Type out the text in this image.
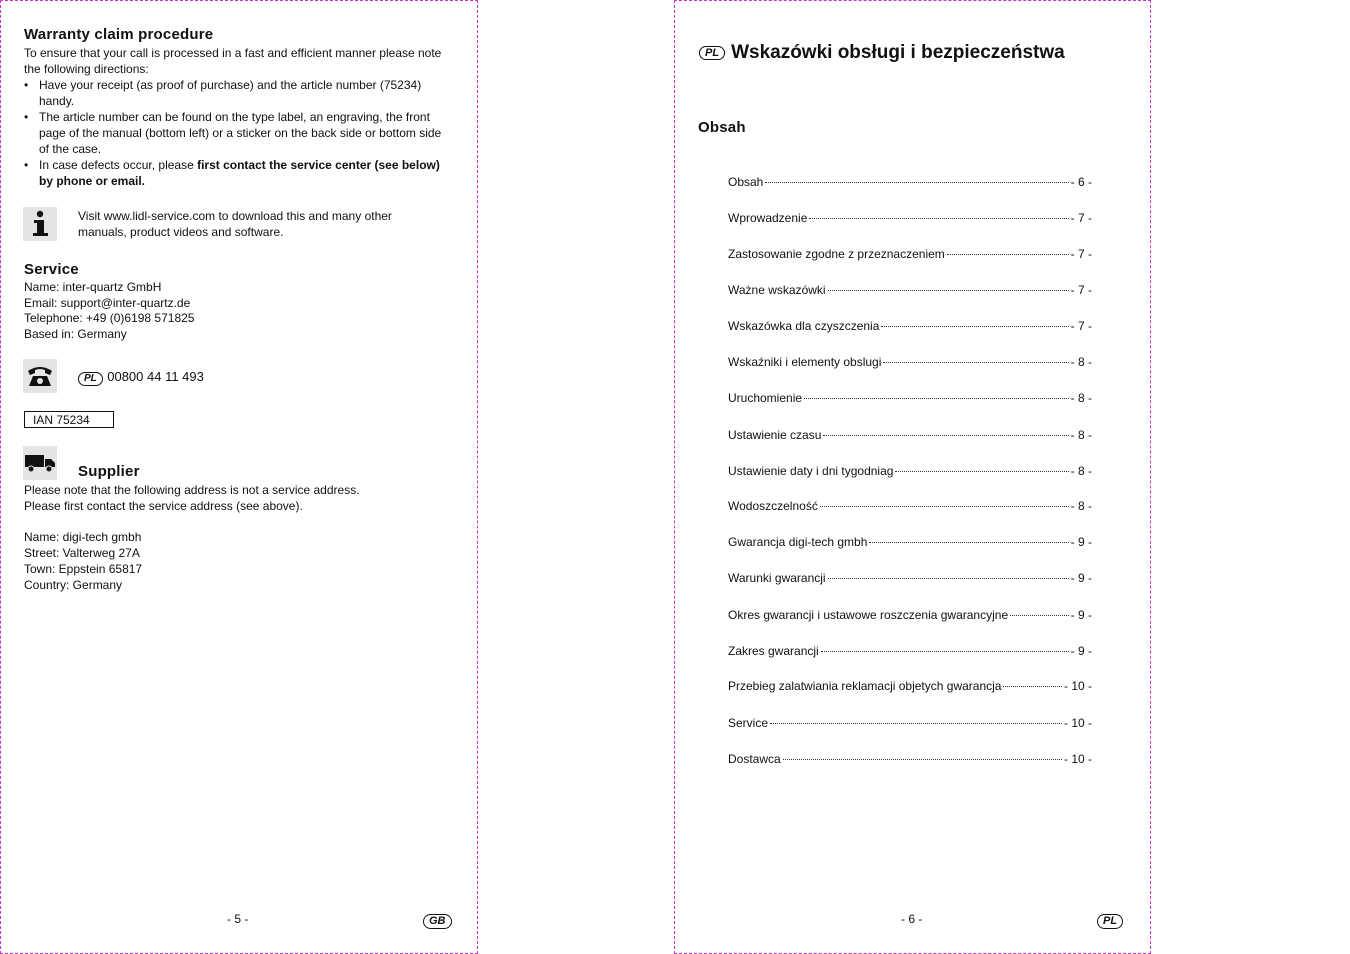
Warranty claim procedure
To ensure that your call is processed in a fast and efficient manner please note the following directions:
• Have your receipt (as proof of purchase) and the article number (75234) handy.
• The article number can be found on the type label, an engraving, the front page of the manual (bottom left) or a sticker on the back side or bottom side of the case.
• In case defects occur, please first contact the service center (see below) by phone or email.
Visit www.lidl-service.com to download this and many other
manuals, product videos and software.
Service
Name: inter-quartz GmbH
Email: support@inter-quartz.de
Telephone: +49 (0)6198 571825
Based in: Germany
PL 00800 44 11 493
IAN 75234
Supplier
Please note that the following address is not a service address.
Please first contact the service address (see above).
Name: digi-tech gmbh
Street: Valterweg 27A
Town: Eppstein 65817
Country: Germany
- 5 -	GB
PL Wskazówki obsługi i bezpieczeństwa
Obsah
Obsah	- 6 -
Wprowadzenie	- 7 -
Zastosowanie zgodne z przeznaczeniem	- 7 -
Ważne wskazówki	- 7 -
Wskazówka dla czyszczenia	- 7 -
Wskaźniki i elementy obslugi	- 8 -
Uruchomienie	- 8 -
Ustawienie czasu	- 8 -
Ustawienie daty i dni tygodniag	- 8 -
Wodoszczelność	- 8 -
Gwarancja digi-tech gmbh	- 9 -
Warunki gwarancji	- 9 -
Okres gwarancji i ustawowe roszczenia gwarancyjne	- 9 -
Zakres gwarancji	- 9 -
Przebieg zalatwiania reklamacji objetych gwarancja	- 10 -
Service	- 10 -
Dostawca	- 10 -
- 6 -	PL
